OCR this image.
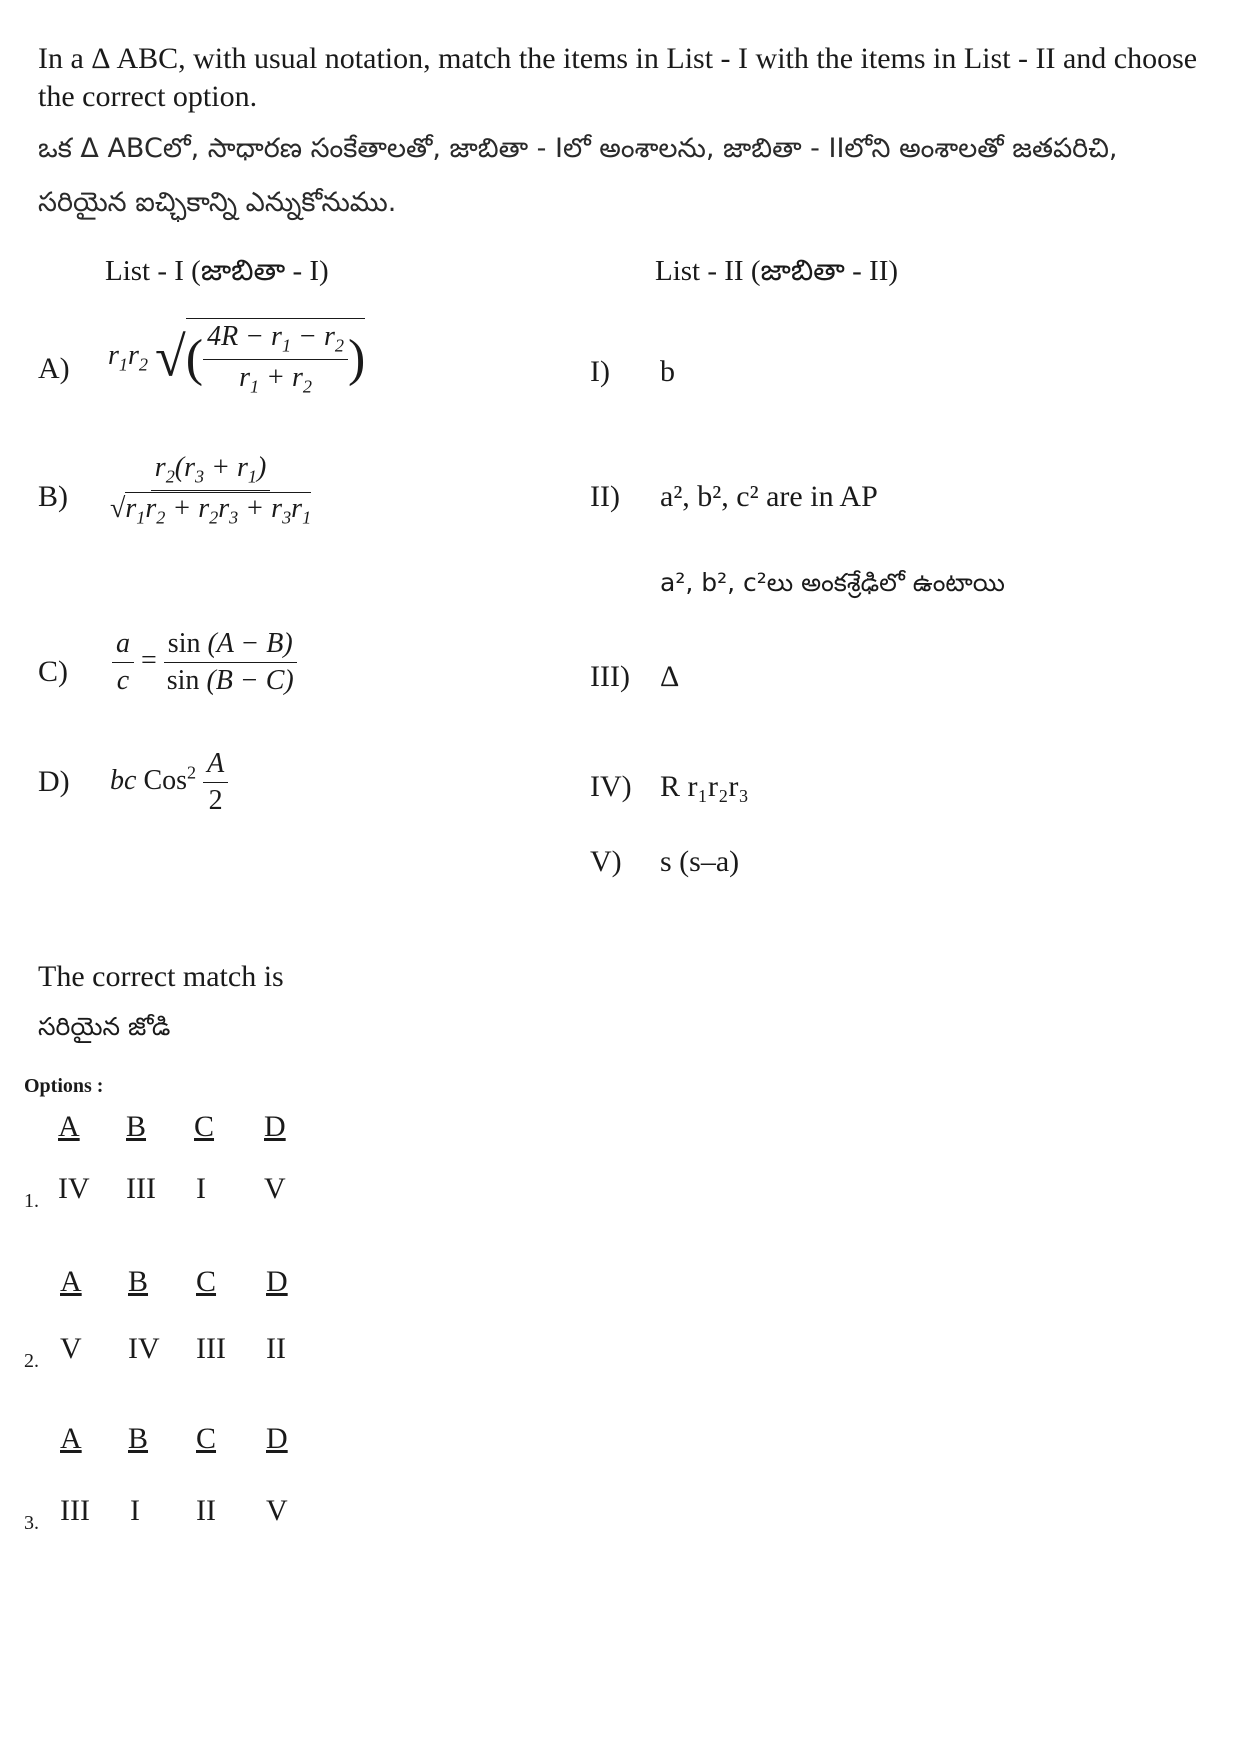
In a Δ ABC, with usual notation, match the items in List - I with the items in List - II and choose the correct option.
ఒక Δ ABCలో, సాధారణ సంకేతాలతో, జాబితా - Iలో అంశాలను, జాబితా - IIలోని అంశాలతో జతపరిచి,
సరియైన ఐచ్ఛికాన్ని ఎన్నుకోనుము.
List - I (జాబితా - I)	List - II (జాబితా - II)
A) $r_1r_2$ √( $\frac{4R - r_1 - r_2}{r_1 + r_2}$ )
$B) \frac{r_2(r_3 + r_1)}{√r_1r_2 + r_2r_3 + r_3r_1}$
$C) \frac{a}{c} = \frac{\sin (A - B)}{\sin (B - C)}$
D) bc $Cos^2 \frac{A}{2}$
I) b
II) a², b², c² are in AP
a², b², c²లు అంకశ్రేఢిలో ఉంటాయి
III) Δ
IV) R r₁r₂r₃
V) s (s–a)
The correct match is
సరియైన జోడి
Options :
A B C D
1. IV III I V
A B C D
2. V IV III II
A B C D
3. III I II V
